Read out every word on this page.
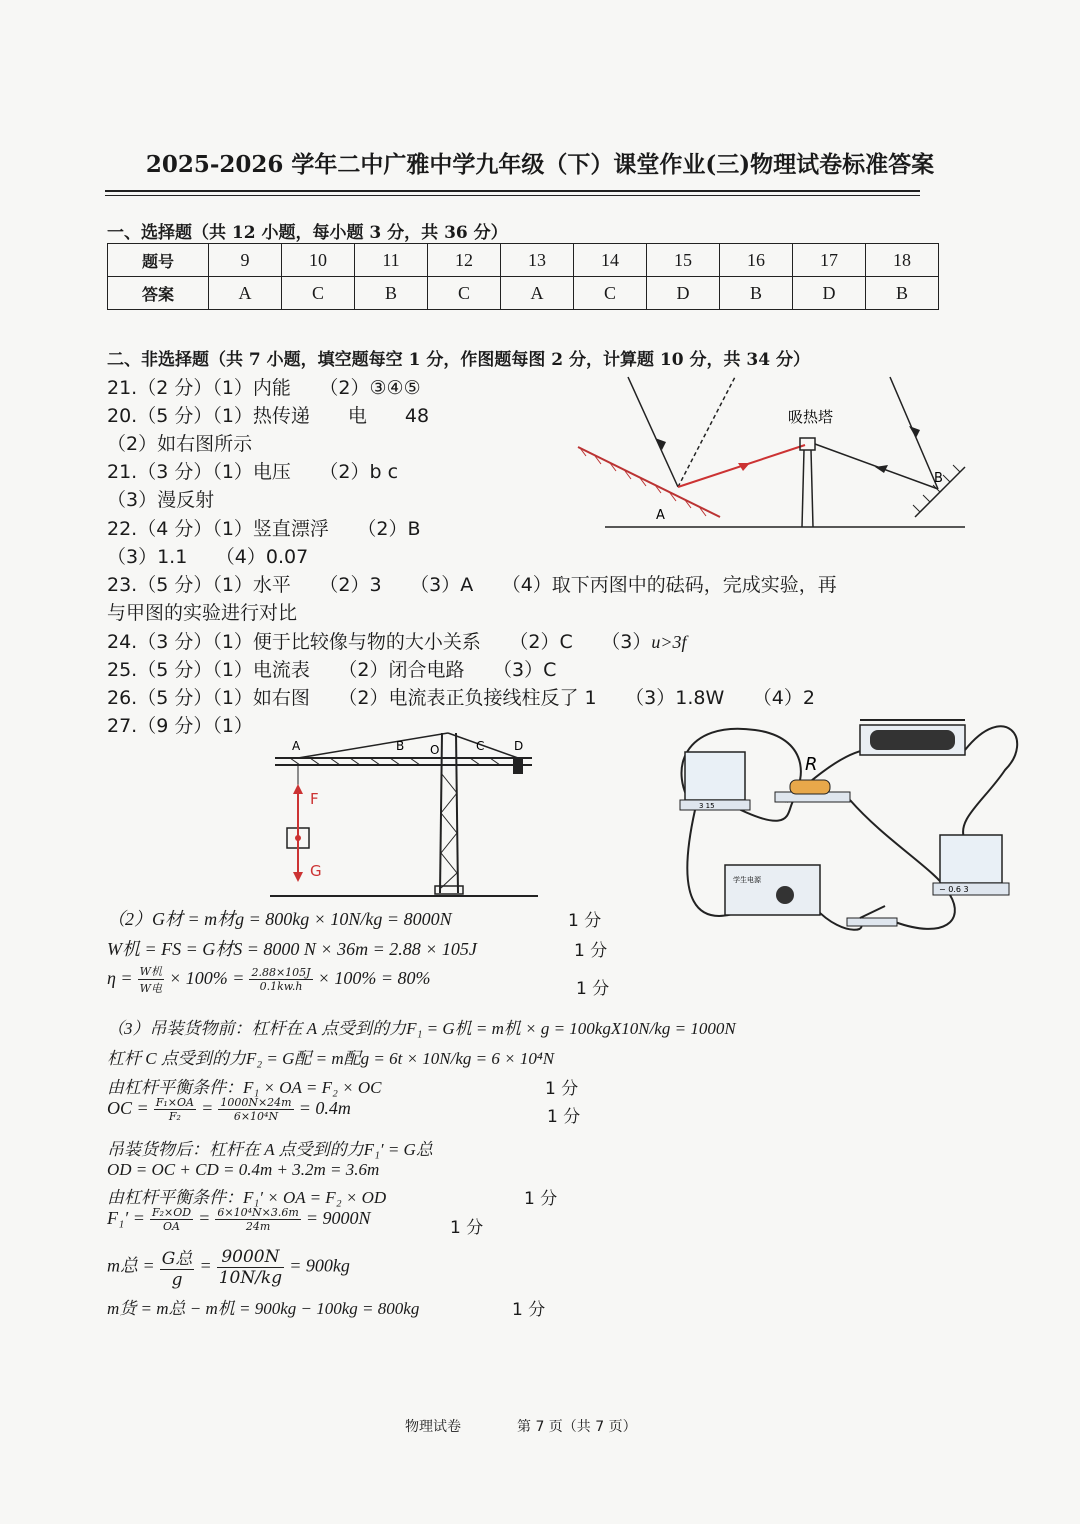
2025-2026 学年二中广雅中学九年级（下）课堂作业(三)物理试卷标准答案
一、选择题（共 12 小题，每小题 3 分，共 36 分）
题号	9	10	11	12	13	14	15	16	17	18
答案	A	C	B	C	A	C	D	B	D	B
二、非选择题（共 7 小题，填空题每空 1 分，作图题每图 2 分，计算题 10 分，共 34 分）
21.（2 分）（1）内能　　（2）③④⑤
20.（5 分）（1）热传递　　电　　48
（2）如右图所示
21.（3 分）（1）电压　　（2）b c
（3）漫反射
22.（4 分）（1）竖直漂浮　　（2）B
（3）1.1　　（4）0.07
23.（5 分）（1）水平　　（2）3　　（3）A　　（4）取下丙图中的砝码，完成实验，再
与甲图的实验进行对比
24.（3 分）（1）便于比较像与物的大小关系　　（2）C　　（3）u>3f
25.（5 分）（1）电流表　　（2）闭合电路　　（3）C
26.（5 分）（1）如右图　　（2）电流表正负接线柱反了 1　　（3）1.8W　　（4）2
27.（9 分）（1）
吸热塔
A
B
A	B O	C D
F
G
3 15
R
学生电源
− 0.6 3
（2）G材 = m材g = 800kg × 10N/kg = 8000N	1 分
W机 = FS = G材S = 8000 N × 36m = 2.88 × 105J	1 分
$\eta = \frac{\text{W机}}{\text{W电}} \times 100\% = \frac{2.88\times 105J}{0.1kw.h} \times 100\% = 80\%$
1 分
（3）吊装货物前：杠杆在 A 点受到的力F₁ = G机 = m机 × g = 100kgX10N/kg = 1000N
杠杆 C 点受到的力F₂ = G配 = m配g = 6t × 10N/kg = 6 × 10⁴N
由杠杆平衡条件：F₁ × OA = F₂ × OC	1 分
OC = $\frac{\text{F₁×OA}}{\text{F₂}} = \frac{1000N\times 24m}{\text{6×10⁴N}} = 0.4m$	1 分
吊装货物后：杠杆在 A 点受到的力F₁′ = G总
OD = OC + CD = 0.4m + 3.2m = 3.6m
由杠杆平衡条件：F₁′ × OA = F₂ × OD	1 分
$F_1' = \frac{\text{F₂×OD}}{OA} = \frac{\text{6×10⁴N×3.6m}}{24m} = 9000N$	1 分
m总 = $\frac{\text{G总}}{g} = \frac{9000N}{10N/kg} = 900kg$
m货 = m总 − m机 = 900kg − 100kg = 800kg	1 分
物理试卷　　　　第 7 页（共 7 页）
